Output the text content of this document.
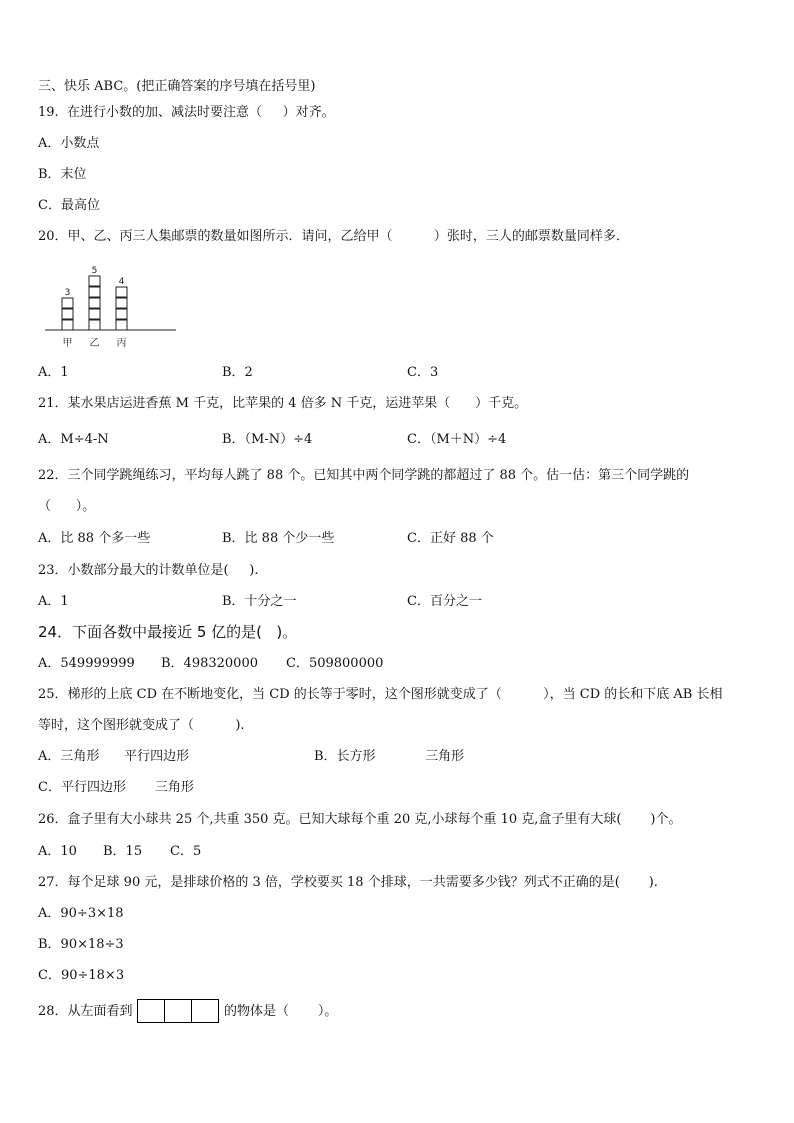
三、快乐 ABC。(把正确答案的序号填在括号里)
19.  在进行小数的加、减法时要注意（     ）对齐。
A．小数点
B．末位
C．最高位
20．甲、乙、丙三人集邮票的数量如图所示．请问，乙给甲（          ）张时，三人的邮票数量同样多．
3
甲
5
乙
4
丙
A．1	B．2	C．3
21．某水果店运进香蕉 M 千克，比苹果的 4 倍多 N 千克，运进苹果（      ）千克。
A．M÷4-N	B．（M-N）÷4	C．（M＋N）÷4
22．三个同学跳绳练习，平均每人跳了 88 个。已知其中两个同学跳的都超过了 88 个。估一估：第三个同学跳的
（      ）。
A．比 88 个多一些	B．比 88 个少一些	C．正好 88 个
23．小数部分最大的计数单位是(     ).
A．1	B．十分之一	C．百分之一
24．下面各数中最接近 5 亿的是(   )。
A．549999999 B．498320000 C．509800000
25．梯形的上底 CD 在不断地变化，当 CD 的长等于零时，这个图形就变成了（          ），当 CD 的长和下底 AB 长相
等时，这个图形就变成了（          ).
A．三角形      平行四边形	B．长方形            三角形
C．平行四边形       三角形
26．盒子里有大小球共 25 个,共重 350 克。已知大球每个重 20 克,小球每个重 10 克,盒子里有大球(       )个。
A．10 B．15 C．5
27．每个足球 90 元，是排球价格的 3 倍，学校要买 18 个排球，一共需要多少钱？列式不正确的是(       ).
A．90÷3×18
B．90×18÷3
C．90÷18×3
28．从左面看到	的物体是（       ）。
